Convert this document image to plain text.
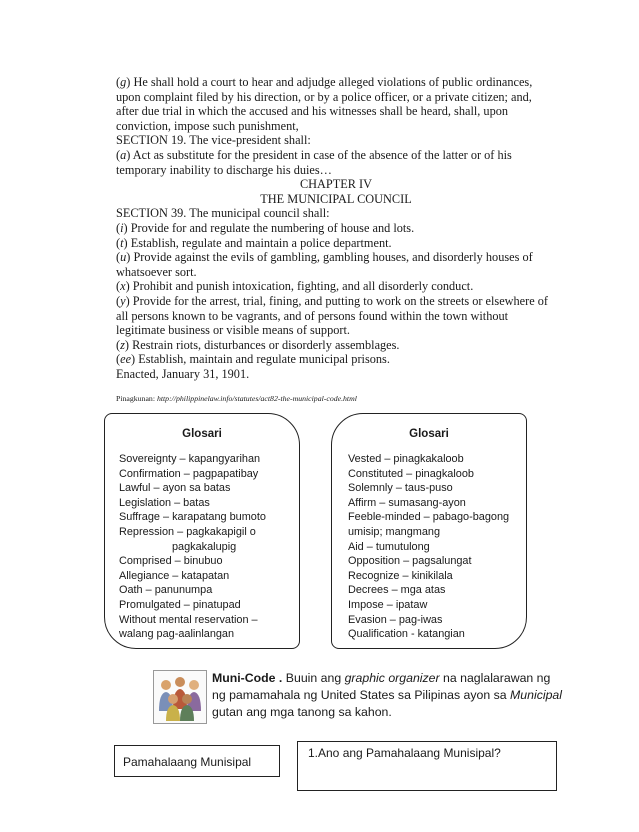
(g) He shall hold a court to hear and adjudge alleged violations of public ordinances, upon complaint filed by his direction, or by a police officer, or a private citizen; and, after due trial in which the accused and his witnesses shall be heard, shall, upon conviction, impose such punishment,

SECTION 19. The vice-president shall:

(a) Act as substitute for the president in case of the absence of the latter or of his temporary inability to discharge his duies…

CHAPTER IV

THE MUNICIPAL COUNCIL

SECTION 39. The municipal council shall:

(i) Provide for and regulate the numbering of house and lots.

(t) Establish, regulate and maintain a police department.

(u) Provide against the evils of gambling, gambling houses, and disorderly houses of whatsoever sort.

(x) Prohibit and punish intoxication, fighting, and all disorderly conduct.

(y) Provide for the arrest, trial, fining, and putting to work on the streets or elsewhere of all persons known to be vagrants, and of persons found within the town without legitimate business or visible means of support.

(z) Restrain riots, disturbances or disorderly assemblages.

(ee) Establish, maintain and regulate municipal prisons.

Enacted, January 31, 1901.

Pinagkunan: http://philippinelaw.info/statutes/act82-the-municipal-code.html
Glosari
Sovereignty – kapangyarihan
Confirmation – pagpapatibay
Lawful – ayon sa batas
Legislation – batas
Suffrage – karapatang bumoto
Repression – pagkakapigil o
pagkakalupig
Comprised – binubuo
Allegiance – katapatan
Oath – panunumpa
Promulgated – pinatupad
Without mental reservation –
walang pag-aalinlangan
Glosari
Vested – pinagkakaloob
Constituted – pinagkaloob
Solemnly – taus-puso
Affirm – sumasang-ayon
Feeble-minded – pabago-bagong
umisip; mangmang
Aid – tumutulong
Opposition – pagsalungat
Recognize – kinikilala
Decrees – mga atas
Impose – ipataw
Evasion – pag-iwas
Qualification - katangian
Muni-Code . Buuin ang graphic organizer na naglalarawan ng
ng pamamahala ng United States sa Pilipinas ayon sa Municipal
gutan ang mga tanong sa kahon.
Pamahalaang Munisipal
1.Ano ang Pamahalaang Munisipal?
